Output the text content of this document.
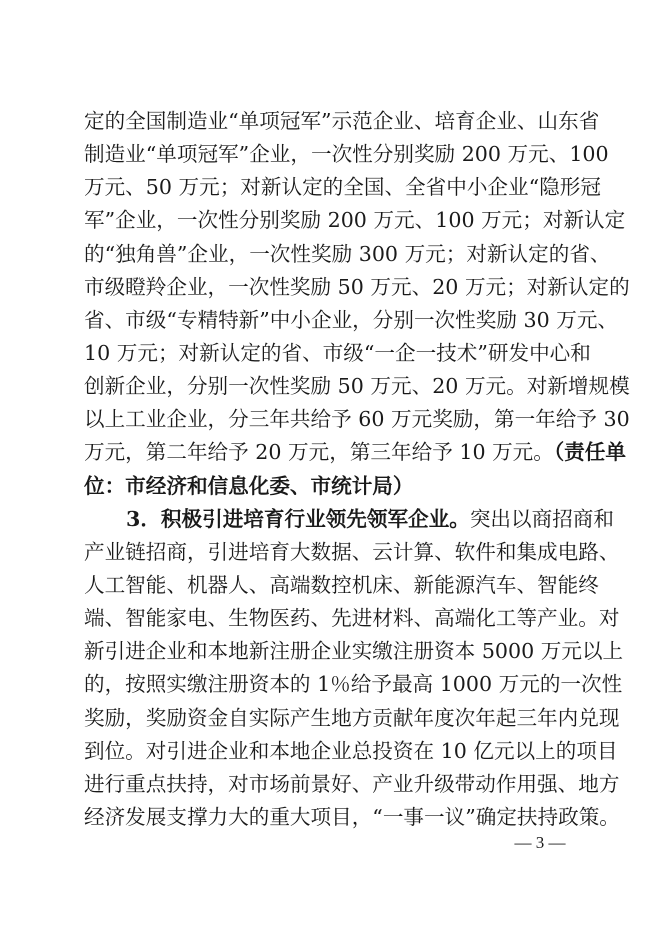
定的全国制造业“单项冠军”示范企业、培育企业、山东省
制造业“单项冠军”企业，一次性分别奖励 200 万元、100
万元、50 万元；对新认定的全国、全省中小企业“隐形冠
军”企业，一次性分别奖励 200 万元、100 万元；对新认定
的“独角兽”企业，一次性奖励 300 万元；对新认定的省、
市级瞪羚企业，一次性奖励 50 万元、20 万元；对新认定的
省、市级“专精特新”中小企业，分别一次性奖励 30 万元、
10 万元；对新认定的省、市级“一企一技术”研发中心和
创新企业，分别一次性奖励 50 万元、20 万元。对新增规模
以上工业企业，分三年共给予 60 万元奖励，第一年给予 30
万元，第二年给予 20 万元，第三年给予 10 万元。（责任单
位：市经济和信息化委、市统计局）
3．积极引进培育行业领先领军企业。突出以商招商和
产业链招商，引进培育大数据、云计算、软件和集成电路、
人工智能、机器人、高端数控机床、新能源汽车、智能终
端、智能家电、生物医药、先进材料、高端化工等产业。对
新引进企业和本地新注册企业实缴注册资本 5000 万元以上
的，按照实缴注册资本的 1％给予最高 1000 万元的一次性
奖励，奖励资金自实际产生地方贡献年度次年起三年内兑现
到位。对引进企业和本地企业总投资在 10 亿元以上的项目
进行重点扶持，对市场前景好、产业升级带动作用强、地方
— 3 —
经济发展支撑力大的重大项目，“一事一议”确定扶持政策。
